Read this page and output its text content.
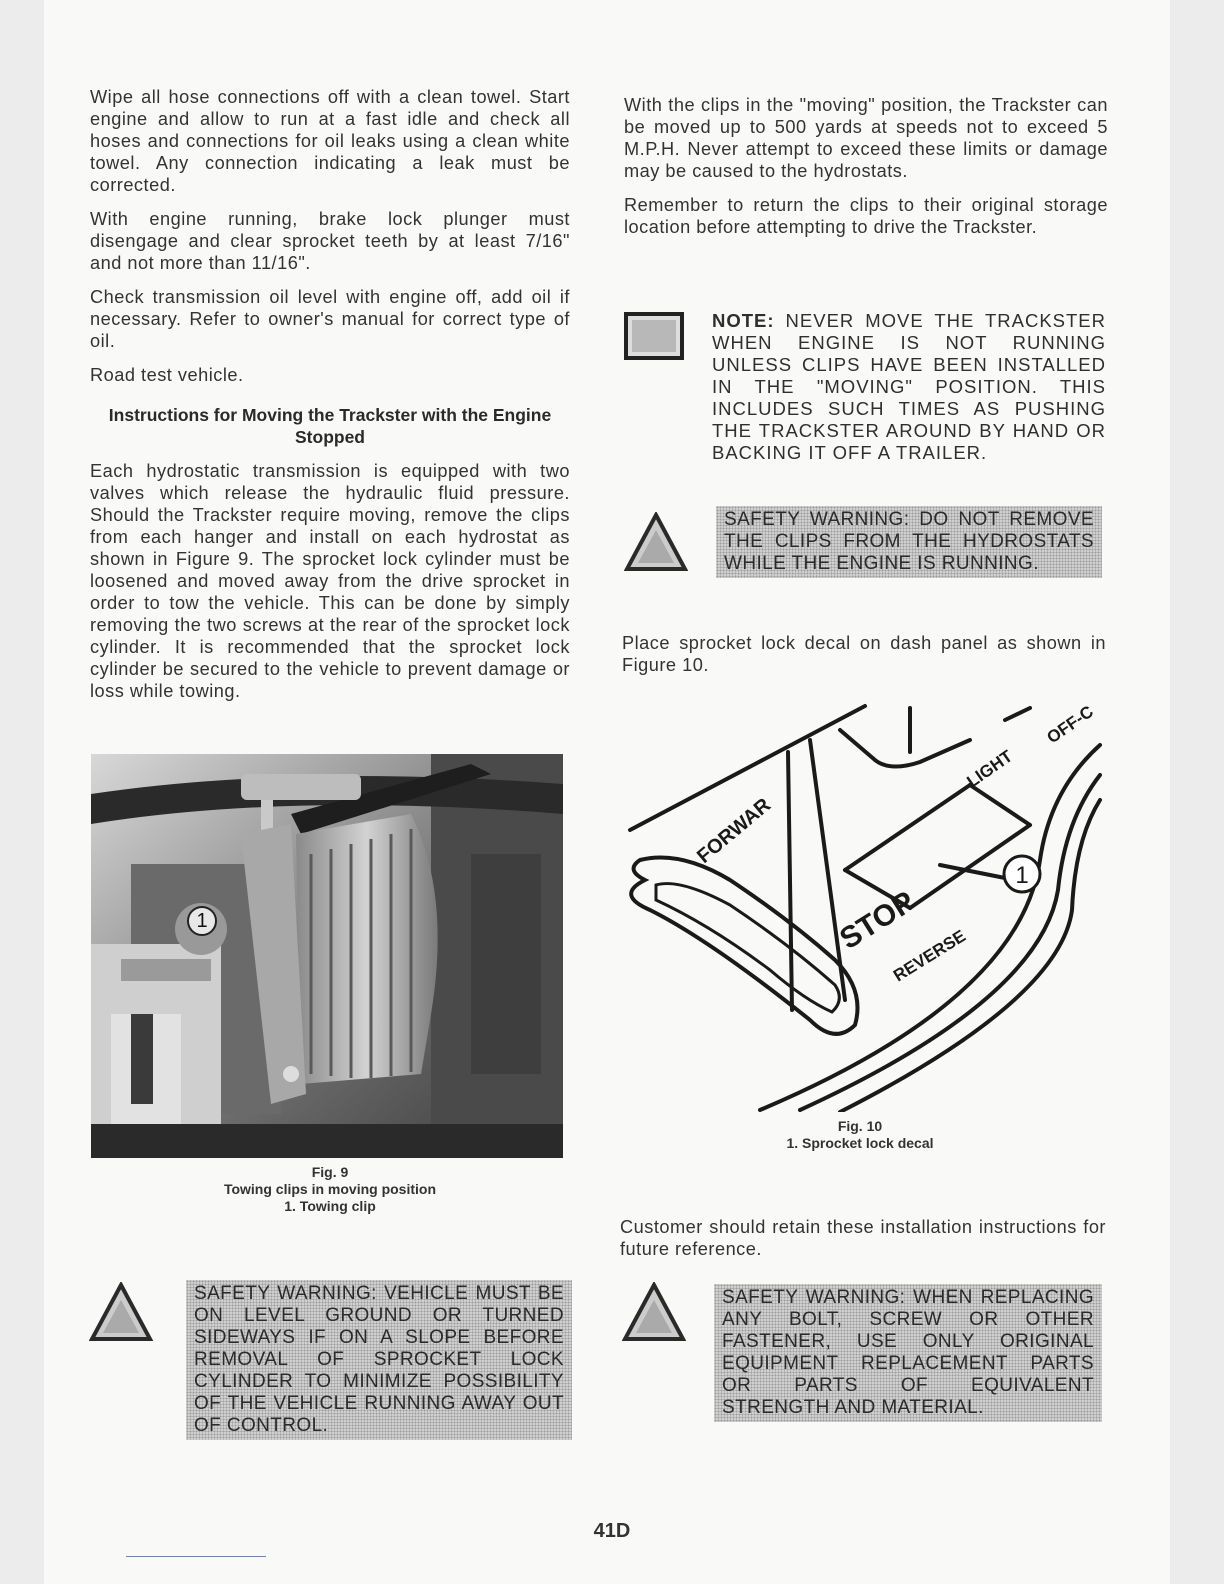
Wipe all hose connections off with a clean towel. Start engine and allow to run at a fast idle and check all hoses and connections for oil leaks using a clean white towel. Any connection indicating a leak must be corrected.

With engine running, brake lock plunger must disengage and clear sprocket teeth by at least 7/16" and not more than 11/16".

Check transmission oil level with engine off, add oil if necessary. Refer to owner's manual for correct type of oil.

Road test vehicle.

Instructions for Moving the Trackster with the Engine Stopped

Each hydrostatic transmission is equipped with two valves which release the hydraulic fluid pressure. Should the Trackster require moving, remove the clips from each hanger and install on each hydrostat as shown in Figure 9. The sprocket lock cylinder must be loosened and moved away from the drive sprocket in order to tow the vehicle. This can be done by simply removing the two screws at the rear of the sprocket lock cylinder. It is recommended that the sprocket lock cylinder be secured to the vehicle to prevent damage or loss while towing.

1
Fig. 9
Towing clips in moving position
1. Towing clip
SAFETY WARNING: VEHICLE MUST BE ON LEVEL GROUND OR TURNED SIDEWAYS IF ON A SLOPE BEFORE REMOVAL OF SPROCKET LOCK CYLINDER TO MINIMIZE POSSIBILITY OF THE VEHICLE RUNNING AWAY OUT OF CONTROL.

With the clips in the "moving" position, the Trackster can be moved up to 500 yards at speeds not to exceed 5 M.P.H. Never attempt to exceed these limits or damage may be caused to the hydrostats.

Remember to return the clips to their original storage location before attempting to drive the Trackster.

NOTE: NEVER MOVE THE TRACKSTER WHEN ENGINE IS NOT RUNNING UNLESS CLIPS HAVE BEEN INSTALLED IN THE "MOVING" POSITION. THIS INCLUDES SUCH TIMES AS PUSHING THE TRACKSTER AROUND BY HAND OR BACKING IT OFF A TRAILER.
SAFETY WARNING: DO NOT REMOVE THE CLIPS FROM THE HYDROSTATS WHILE THE ENGINE IS RUNNING.

Place sprocket lock decal on dash panel as shown in Figure 10.

FORWAR
LIGHT
OFF-C
STOP
REVERSE
1
Fig. 10
1. Sprocket lock decal

Customer should retain these installation instructions for future reference.

SAFETY WARNING: WHEN REPLACING ANY BOLT, SCREW OR OTHER FASTENER, USE ONLY ORIGINAL EQUIPMENT REPLACEMENT PARTS OR PARTS OF EQUIVALENT STRENGTH AND MATERIAL.
41D
